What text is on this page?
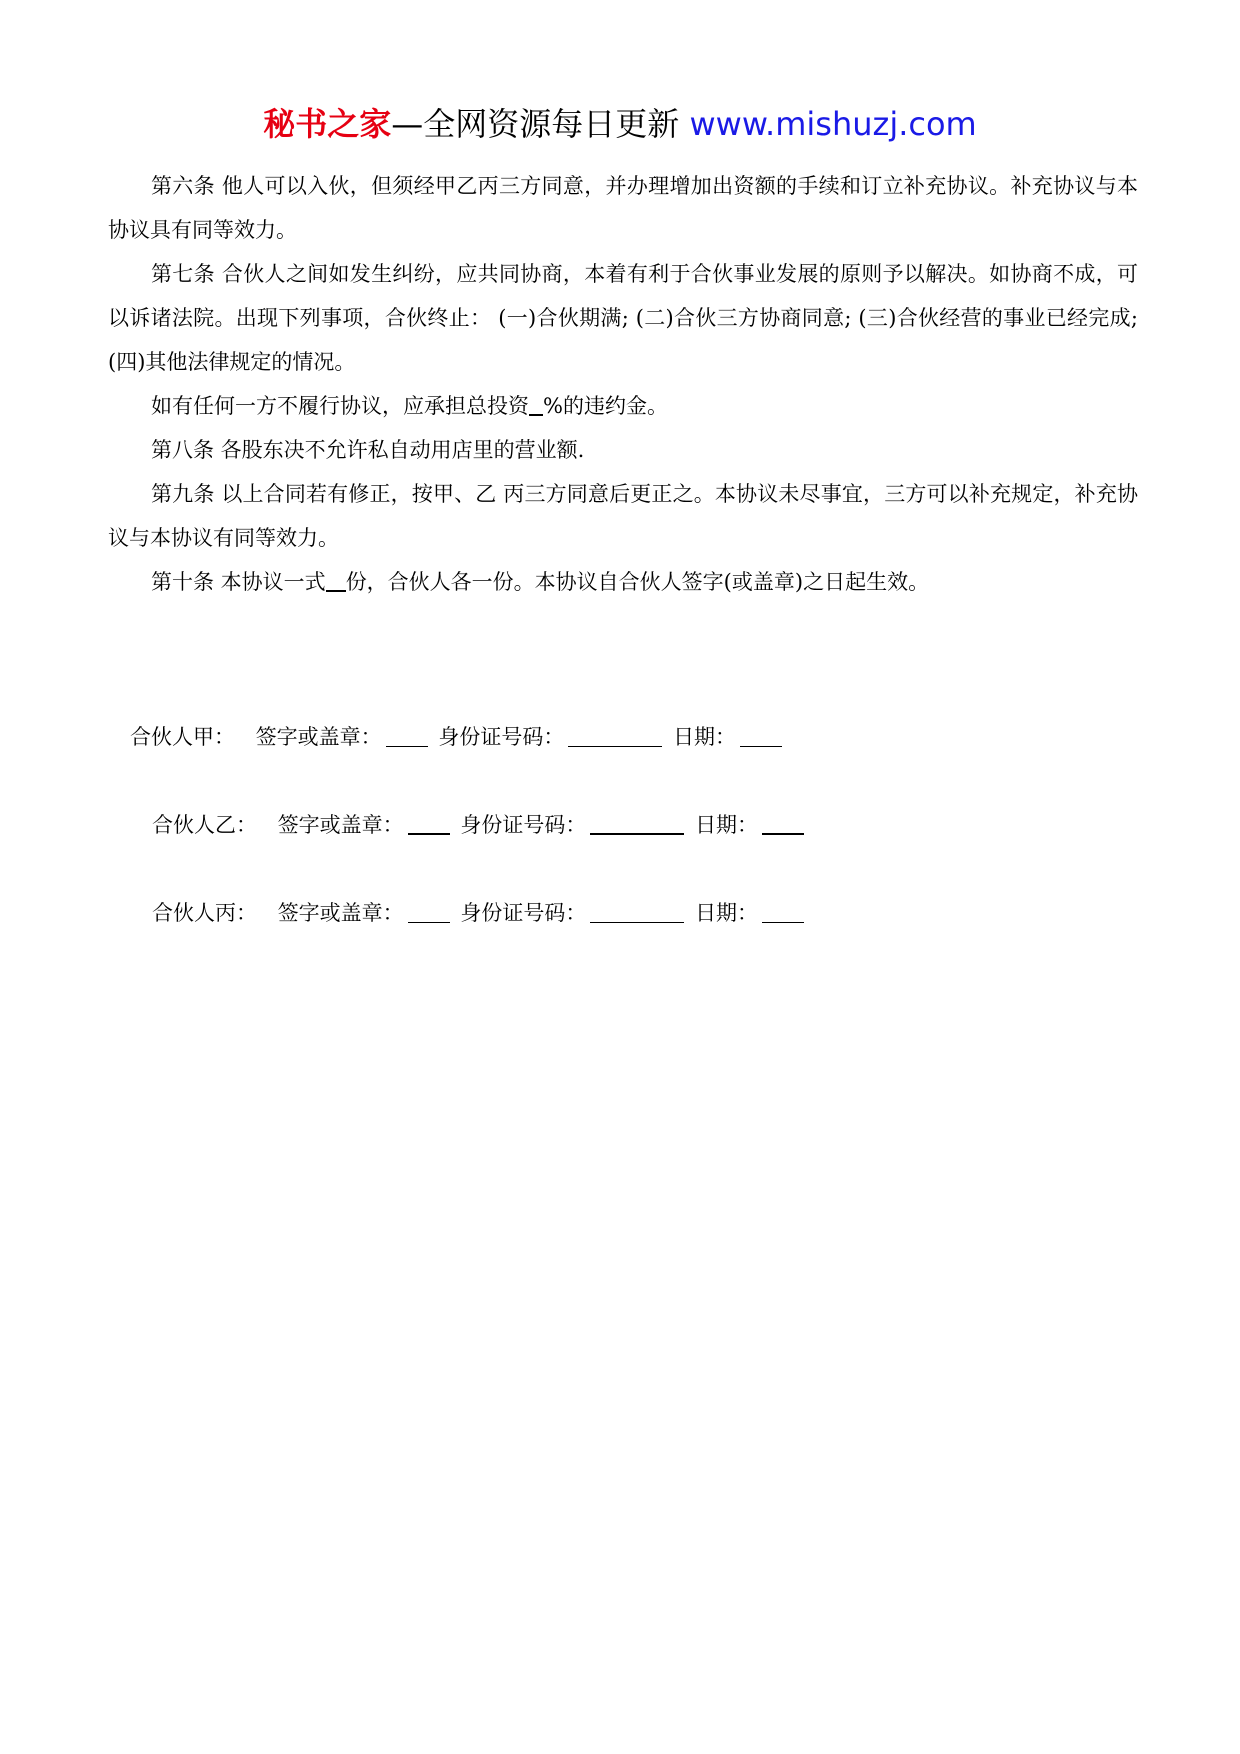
秘书之家—全网资源每日更新 www.mishuzj.com

第六条 他人可以入伙，但须经甲乙丙三方同意，并办理增加出资额的手续和订立补充协议。补充协议与本协议具有同等效力。

第七条 合伙人之间如发生纠纷，应共同协商，本着有利于合伙事业发展的原则予以解决。如协商不成，可以诉诸法院。出现下列事项，合伙终止： (一)合伙期满; (二)合伙三方协商同意; (三)合伙经营的事业已经完成; (四)其他法律规定的情况。

如有任何一方不履行协议，应承担总投资 %的违约金。

第八条 各股东决不允许私自动用店里的营业额.

第九条 以上合同若有修正，按甲、乙 丙三方同意后更正之。本协议未尽事宜，三方可以补充规定，补充协议与本协议有同等效力。

第十条 本协议一式 份，合伙人各一份。本协议自合伙人签字(或盖章)之日起生效。

合伙人甲： 签字或盖章：	身份证号码：	日期：
合伙人乙： 签字或盖章：	身份证号码：	日期：
合伙人丙： 签字或盖章：	身份证号码：	日期：
